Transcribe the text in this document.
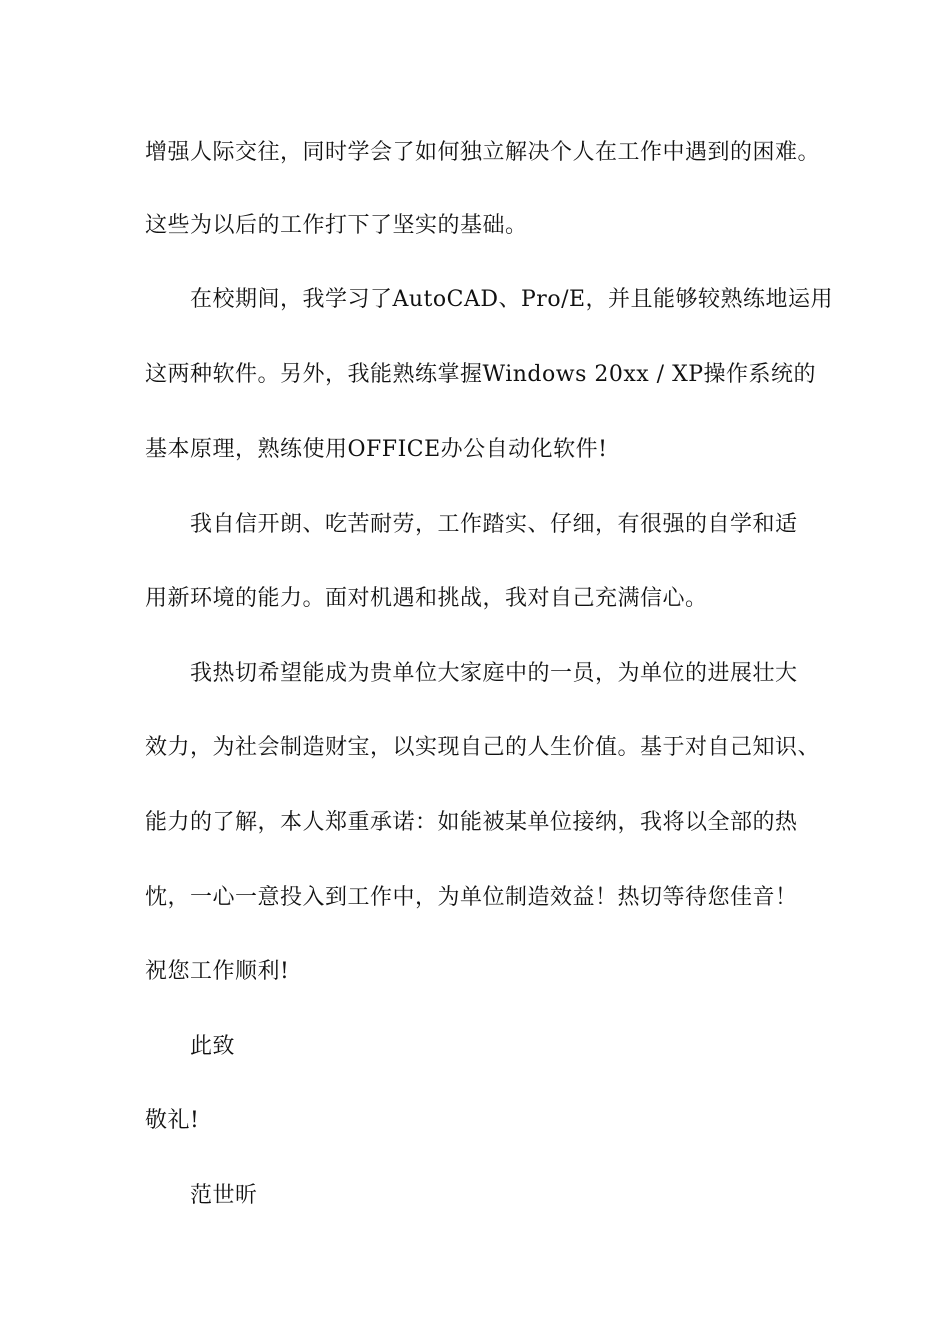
增强人际交往，同时学会了如何独立解决个人在工作中遇到的困难。
这些为以后的工作打下了坚实的基础。
在校期间，我学习了AutoCAD、Pro/E，并且能够较熟练地运用
这两种软件。另外，我能熟练掌握Windows 20xx / XP操作系统的
基本原理，熟练使用OFFICE办公自动化软件!
我自信开朗、吃苦耐劳，工作踏实、仔细，有很强的自学和适
用新环境的能力。面对机遇和挑战，我对自己充满信心。
我热切希望能成为贵单位大家庭中的一员，为单位的进展壮大
效力，为社会制造财宝，以实现自己的人生价值。基于对自己知识、
能力的了解，本人郑重承诺：如能被某单位接纳，我将以全部的热
忱，一心一意投入到工作中，为单位制造效益！热切等待您佳音！
祝您工作顺利!
此致
敬礼!
范世昕
